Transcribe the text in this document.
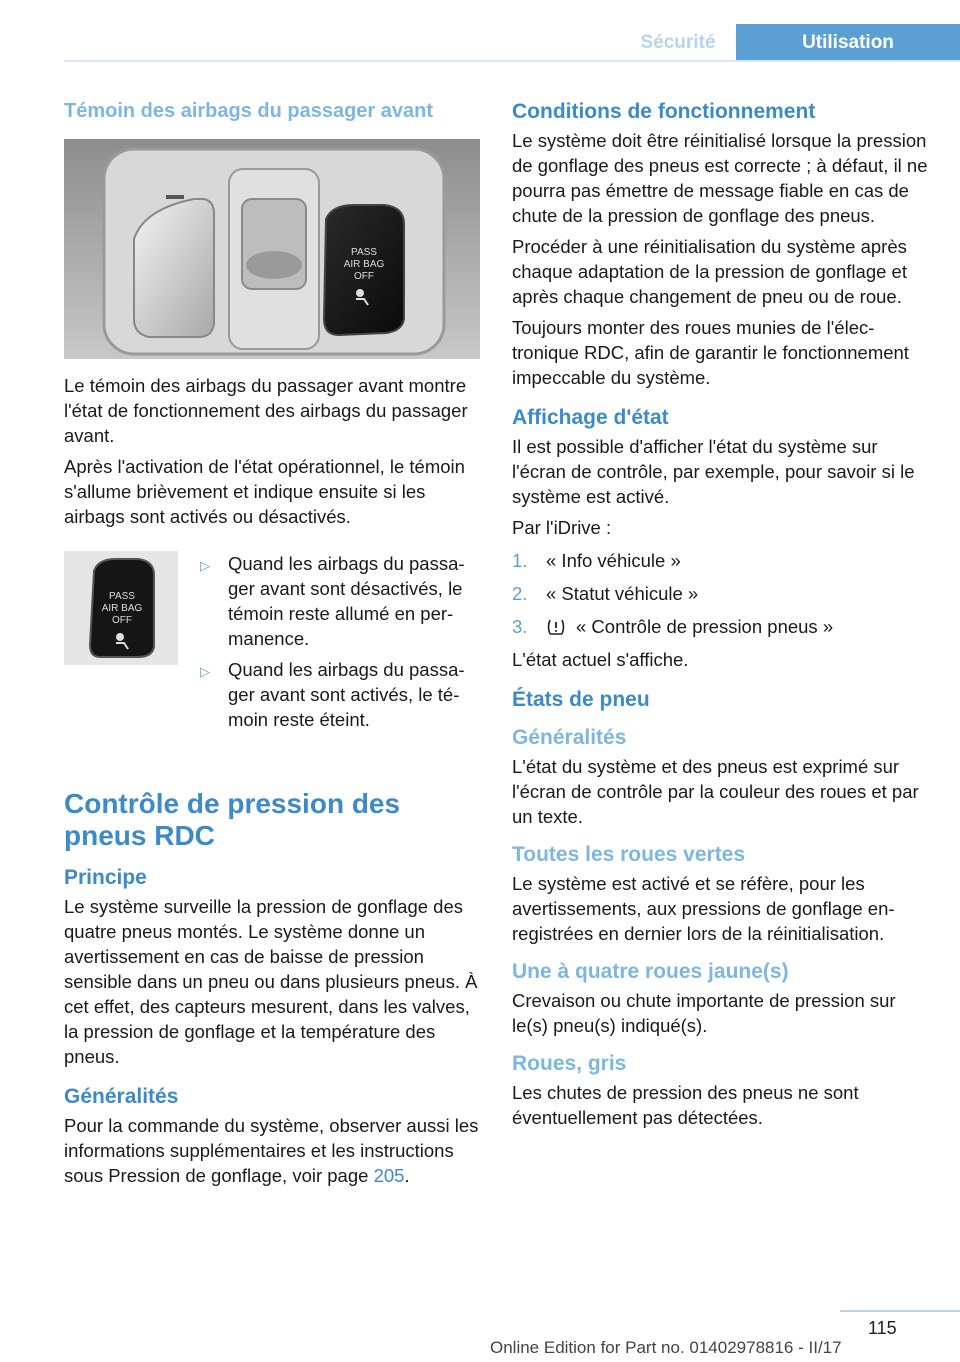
Sécurité	Utilisation
Témoin des airbags du passager avant
PASS
AIR BAG
OFF

Le témoin des airbags du passager avant montre l'état de fonctionnement des airbags du passager avant.

Après l'activation de l'état opérationnel, le témoin s'allume brièvement et indique ensuite si les airbags sont activés ou désactivés.

PASS
AIR BAG
OFF
▷ Quand les airbags du passager avant sont désactivés, le témoin reste allumé en permanence.
▷ Quand les airbags du passager avant sont activés, le témoin reste éteint.
Contrôle de pression des pneus RDC
Principe

Le système surveille la pression de gonflage des quatre pneus montés. Le système donne un avertissement en cas de baisse de pression sensible dans un pneu ou dans plusieurs pneus. À cet effet, des capteurs mesurent, dans les valves, la pression de gonflage et la température des pneus.

Généralités

Pour la commande du système, observer aussi les informations supplémentaires et les instructions sous Pression de gonflage, voir page 205.

Conditions de fonctionnement

Le système doit être réinitialisé lorsque la pression de gonflage des pneus est correcte ; à défaut, il ne pourra pas émettre de message fiable en cas de chute de la pression de gonflage des pneus.

Procéder à une réinitialisation du système après chaque adaptation de la pression de gonflage et après chaque changement de pneu ou de roue.

Toujours monter des roues munies de l'électronique RDC, afin de garantir le fonctionnement impeccable du système.

Affichage d'état

Il est possible d'afficher l'état du système sur l'écran de contrôle, par exemple, pour savoir si le système est activé.

Par l'iDrive :

1.	« Info véhicule »
2.	« Statut véhicule »
3.	« Contrôle de pression pneus »

L'état actuel s'affiche.

États de pneu
Généralités

L'état du système et des pneus est exprimé sur l'écran de contrôle par la couleur des roues et par un texte.

Toutes les roues vertes

Le système est activé et se réfère, pour les avertissements, aux pressions de gonflage enregistrées en dernier lors de la réinitialisation.

Une à quatre roues jaune(s)

Crevaison ou chute importante de pression sur le(s) pneu(s) indiqué(s).

Roues, gris

Les chutes de pression des pneus ne sont éventuellement pas détectées.

115
Online Edition for Part no. 01402978816 - II/17
